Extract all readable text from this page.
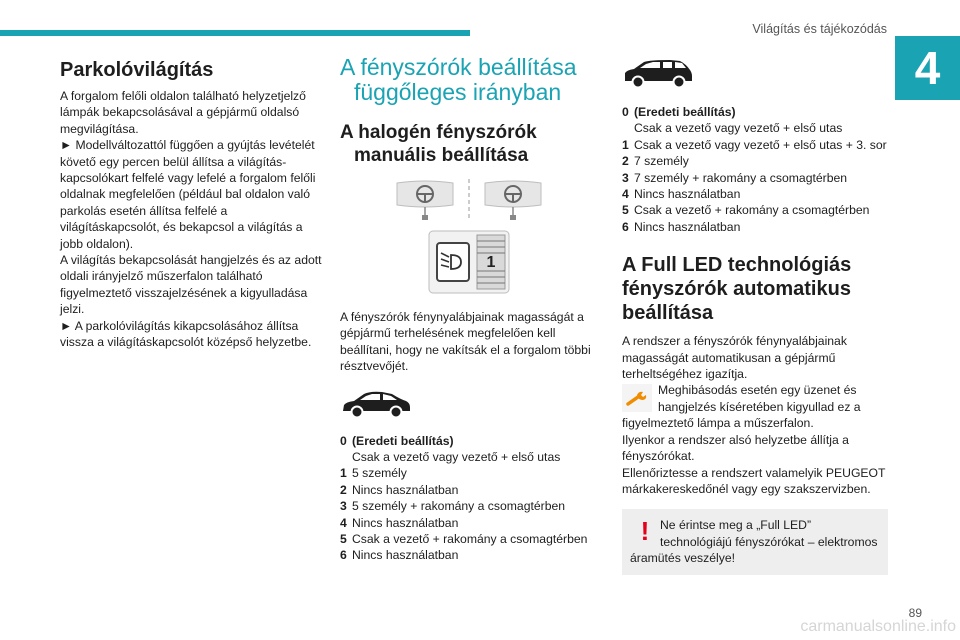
Világítás és tájékozódás
4
Parkolóvilágítás

A forgalom felőli oldalon található helyzetjelző lámpák bekapcsolásával a gépjármű oldalsó megvilágítása.

► Modellváltozattól függően a gyújtás levételét követő egy percen belül állítsa a világítás-kapcsolókart felfelé vagy lefelé a forgalom felőli oldalnak megfelelően (például bal oldalon való parkolás esetén állítsa felfelé a világításkapcsolót, és bekapcsol a világítás a jobb oldalon).

A világítás bekapcsolását hangjelzés és az adott oldali irányjelző műszerfalon található figyelmeztető visszajelzésének a kigyulladása jelzi.

► A parkolóvilágítás kikapcsolásához állítsa vissza a világításkapcsolót középső helyzetbe.

A fényszórók beállítása függőleges irányban
A halogén fényszórók manuális beállítása
1

A fényszórók fénynyalábjainak magasságát a gépjármű terhelésének megfelelően kell beállítani, hogy ne vakítsák el a forgalom többi résztvevőjét.

0 (Eredeti beállítás)
Csak a vezető vagy vezető + első utas
1 5 személy
2 Nincs használatban
3 5 személy + rakomány a csomagtérben
4 Nincs használatban
5 Csak a vezető + rakomány a csomagtérben
6 Nincs használatban
0 (Eredeti beállítás)
Csak a vezető vagy vezető + első utas
1 Csak a vezető vagy vezető + első utas + 3. sor
2 7 személy
3 7 személy + rakomány a csomagtérben
4 Nincs használatban
5 Csak a vezető + rakomány a csomagtérben
6 Nincs használatban
A Full LED technológiás fényszórók automatikus beállítása

A rendszer a fényszórók fénynyalábjainak magasságát automatikusan a gépjármű terheltségéhez igazítja.

Meghibásodás esetén egy üzenet és hangjelzés kíséretében kigyullad ez a figyelmeztető lámpa a műszerfalon.

Ilyenkor a rendszer alsó helyzetbe állítja a fényszórókat.

Ellenőriztesse a rendszert valamelyik PEUGEOT márkakereskedőnél vagy egy szakszervizben.

! Ne érintse meg a „Full LED” technológiájú fényszórókat – elektromos áramütés veszélye!

89
carmanualsonline.info
